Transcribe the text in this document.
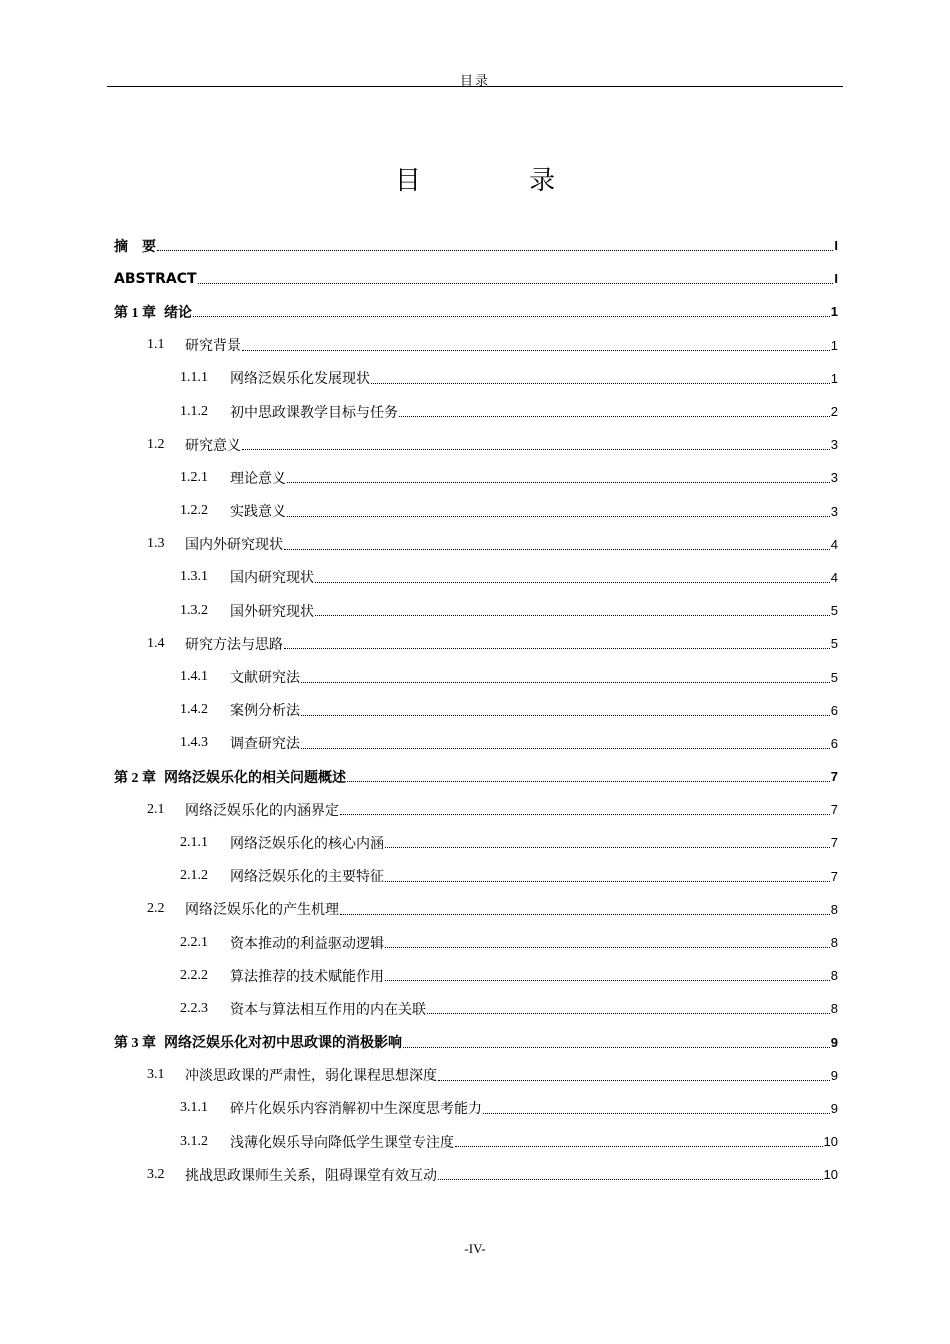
目录
目 录
摘　要	I
ABSTRACT	I
第 1 章 绪论	1
1.1	研究背景	1
1.1.1	网络泛娱乐化发展现状	1
1.1.2	初中思政课教学目标与任务	2
1.2	研究意义	3
1.2.1	理论意义	3
1.2.2	实践意义	3
1.3	国内外研究现状	4
1.3.1	国内研究现状	4
1.3.2	国外研究现状	5
1.4	研究方法与思路	5
1.4.1	文献研究法	5
1.4.2	案例分析法	6
1.4.3	调查研究法	6
第 2 章 网络泛娱乐化的相关问题概述	7
2.1	网络泛娱乐化的内涵界定	7
2.1.1	网络泛娱乐化的核心内涵	7
2.1.2	网络泛娱乐化的主要特征	7
2.2	网络泛娱乐化的产生机理	8
2.2.1	资本推动的利益驱动逻辑	8
2.2.2	算法推荐的技术赋能作用	8
2.2.3	资本与算法相互作用的内在关联	8
第 3 章 网络泛娱乐化对初中思政课的消极影响	9
3.1	冲淡思政课的严肃性，弱化课程思想深度	9
3.1.1	碎片化娱乐内容消解初中生深度思考能力	9
3.1.2	浅薄化娱乐导向降低学生课堂专注度	10
3.2	挑战思政课师生关系，阻碍课堂有效互动	10
-IV-
